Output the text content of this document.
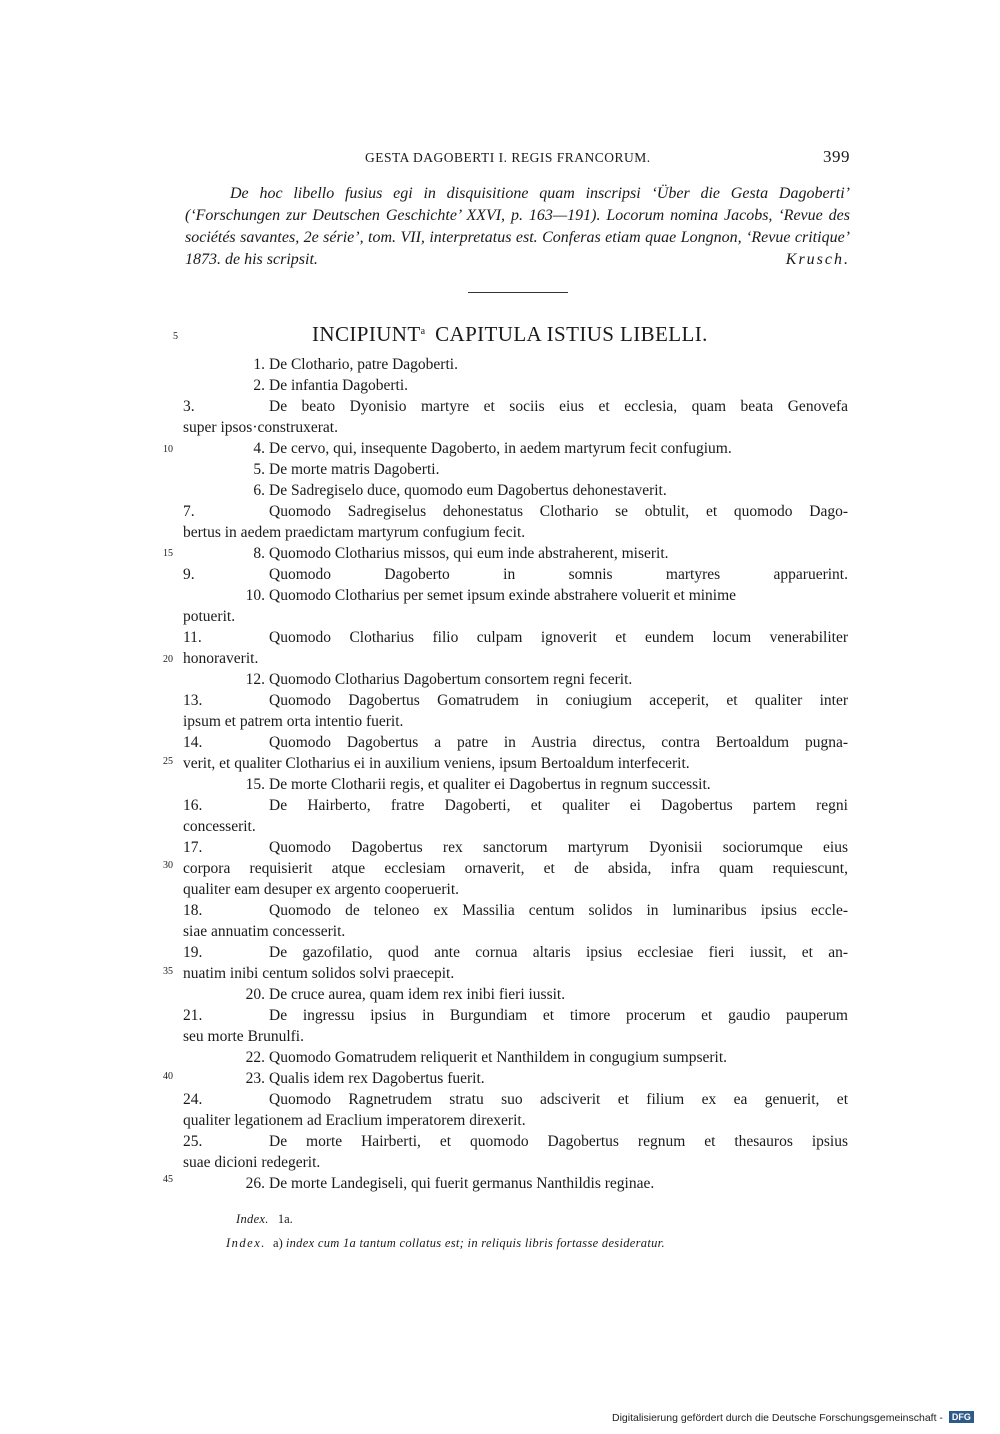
GESTA DAGOBERTI I. REGIS FRANCORUM.	399
De hoc libello fusius egi in disquisitione quam inscripsi ‘Über die Gesta Dagoberti’ (‘Forschungen zur Deutschen Geschichte’ XXVI, p. 163—191). Locorum nomina Jacobs, ‘Revue des sociétés savantes, 2e série’, tom. VII, interpretatus est. Conferas etiam quae Longnon, ‘Revue critique’ 1873. de his scripsit.	Krusch.
INCIPIUNT$^a$ CAPITULA ISTIUS LIBELLI.
5
10
15
20
25
30
35
40
45
1. De Clothario, patre Dagoberti.
2. De infantia Dagoberti.
3.	De beato Dyonisio martyre et sociis eius et ecclesia, quam beata Genovefa
super ipsos·construxerat.
4. De cervo, qui, insequente Dagoberto, in aedem martyrum fecit confugium.
5. De morte matris Dagoberti.
6. De Sadregiselo duce, quomodo eum Dagobertus dehonestaverit.
7.	Quomodo Sadregiselus dehonestatus Clothario se obtulit, et quomodo Dago-
bertus in aedem praedictam martyrum confugium fecit.
8. Quomodo Clotharius missos, qui eum inde abstraherent, miserit.
9.	Quomodo Dagoberto in somnis martyres apparuerint.
10. Quomodo Clotharius per semet ipsum exinde abstrahere voluerit et minime
potuerit.
11.	Quomodo Clotharius filio culpam ignoverit et eundem locum venerabiliter
honoraverit.
12. Quomodo Clotharius Dagobertum consortem regni fecerit.
13.	Quomodo Dagobertus Gomatrudem in coniugium acceperit, et qualiter inter
ipsum et patrem orta intentio fuerit.
14.	Quomodo Dagobertus a patre in Austria directus, contra Bertoaldum pugna-
verit, et qualiter Clotharius ei in auxilium veniens, ipsum Bertoaldum interfecerit.
15. De morte Clotharii regis, et qualiter ei Dagobertus in regnum successit.
16.	De Hairberto, fratre Dagoberti, et qualiter ei Dagobertus partem regni
concesserit.
17.	Quomodo Dagobertus rex sanctorum martyrum Dyonisii sociorumque eius
corpora requisierit atque ecclesiam ornaverit, et de absida, infra quam requiescunt,
qualiter eam desuper ex argento cooperuerit.
18.	Quomodo de teloneo ex Massilia centum solidos in luminaribus ipsius eccle-
siae annuatim concesserit.
19.	De gazofilatio, quod ante cornua altaris ipsius ecclesiae fieri iussit, et an-
nuatim inibi centum solidos solvi praecepit.
20. De cruce aurea, quam idem rex inibi fieri iussit.
21.	De ingressu ipsius in Burgundiam et timore procerum et gaudio pauperum
seu morte Brunulfi.
22. Quomodo Gomatrudem reliquerit et Nanthildem in congugium sumpserit.
23. Qualis idem rex Dagobertus fuerit.
24.	Quomodo Ragnetrudem stratu suo adsciverit et filium ex ea genuerit, et
qualiter legationem ad Eraclium imperatorem direxerit.
25.	De morte Hairberti, et quomodo Dagobertus regnum et thesauros ipsius
suae dicioni redegerit.
26. De morte Landegiseli, qui fuerit germanus Nanthildis reginae.
Index. 1a.
Index. a) index cum 1a tantum collatus est; in reliquis libris fortasse desideratur.
Digitalisierung gefördert durch die Deutsche Forschungsgemeinschaft - DFG
